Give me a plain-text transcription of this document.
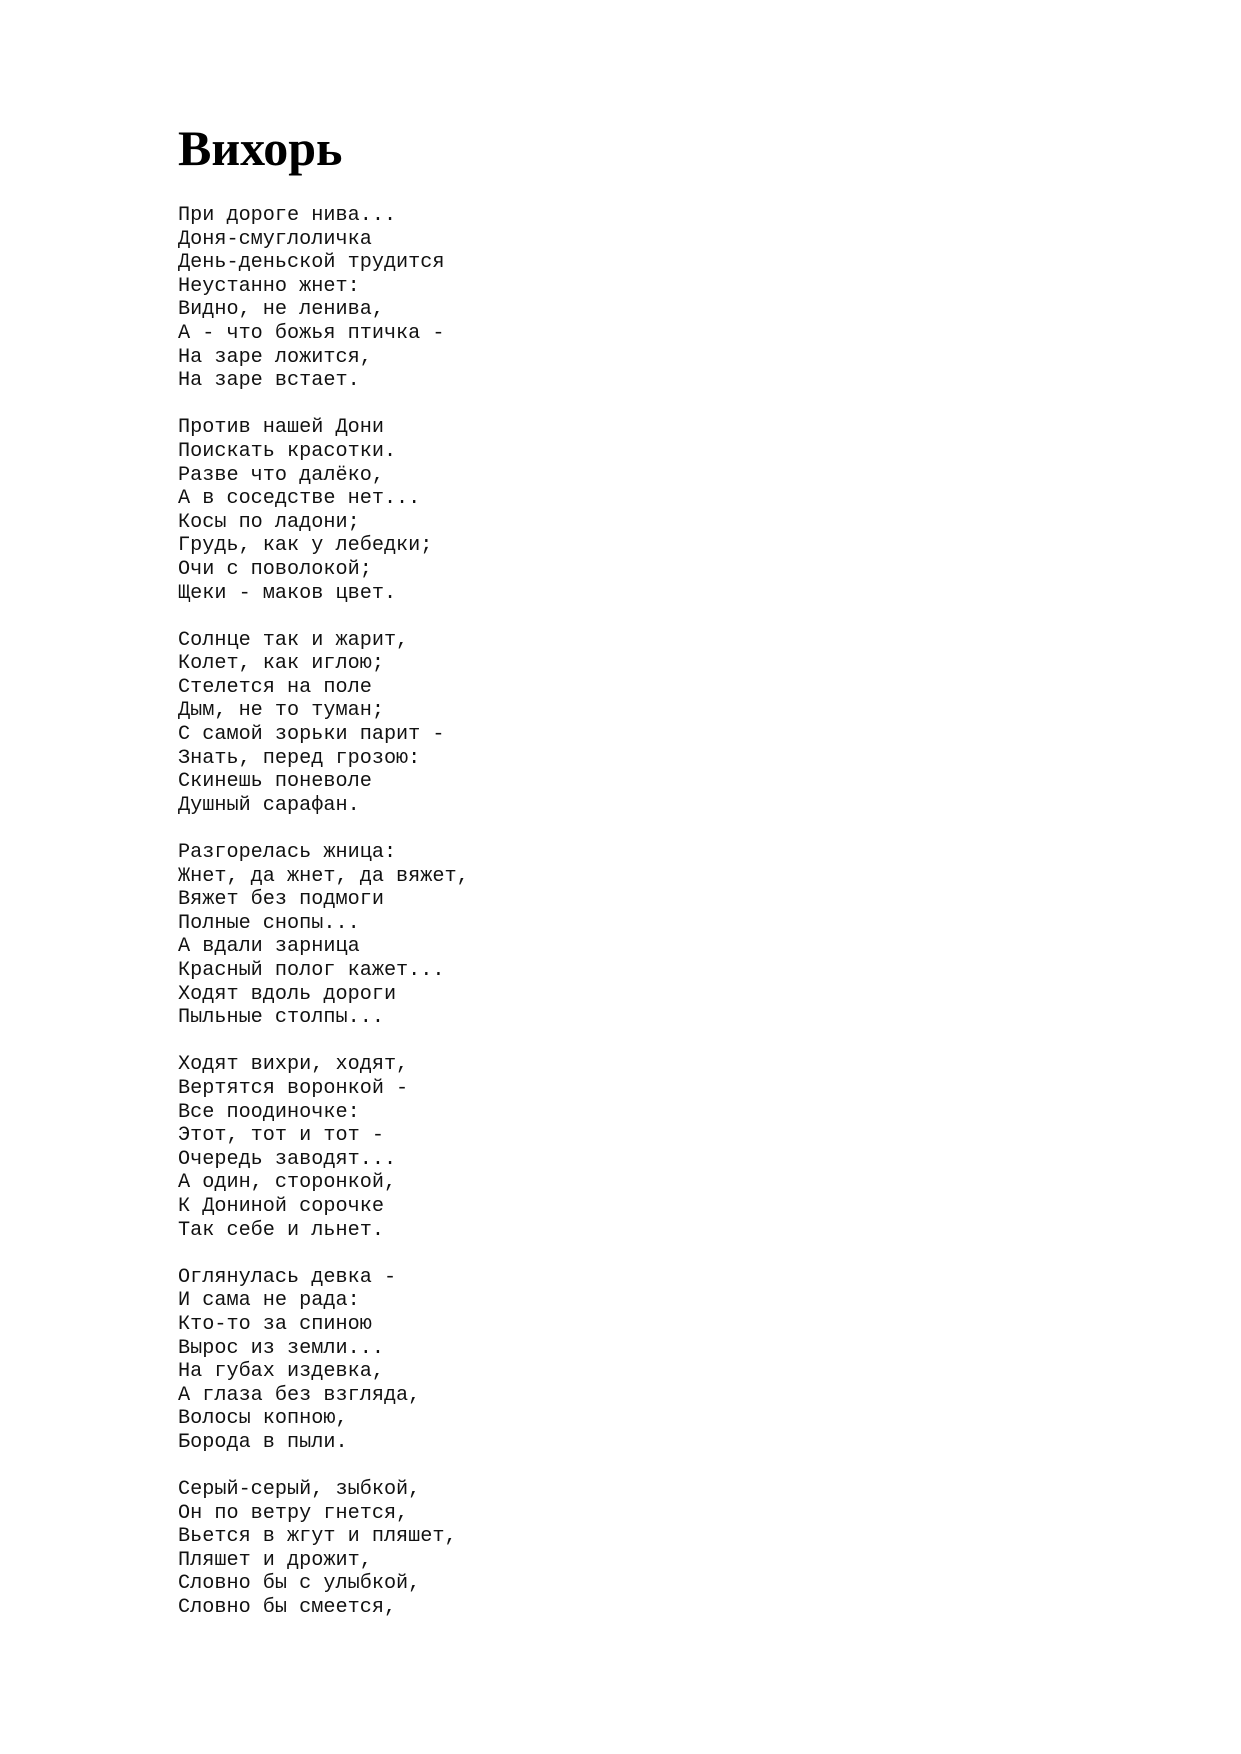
Вихорь
При дороге нива...
Доня-смуглоличка
День-деньской трудится
Неустанно жнет:
Видно, не ленива,
А - что божья птичка -
На заре ложится,
На заре встает.
Против нашей Дони
Поискать красотки.
Разве что далёко,
А в соседстве нет...
Косы по ладони;
Грудь, как у лебедки;
Очи с поволокой;
Щеки - маков цвет.
Солнце так и жарит,
Колет, как иглою;
Стелется на поле
Дым, не то туман;
С самой зорьки парит -
Знать, перед грозою:
Скинешь поневоле
Душный сарафан.
Разгорелась жница:
Жнет, да жнет, да вяжет,
Вяжет без подмоги
Полные снопы...
А вдали зарница
Красный полог кажет...
Ходят вдоль дороги
Пыльные столпы...
Ходят вихри, ходят,
Вертятся воронкой -
Все поодиночке:
Этот, тот и тот -
Очередь заводят...
А один, сторонкой,
К Дониной сорочке
Так себе и льнет.
Оглянулась девка -
И сама не рада:
Кто-то за спиною
Вырос из земли...
На губах издевка,
А глаза без взгляда,
Волосы копною,
Борода в пыли.
Серый-серый, зыбкой,
Он по ветру гнется,
Вьется в жгут и пляшет,
Пляшет и дрожит,
Словно бы с улыбкой,
Словно бы смеется,
